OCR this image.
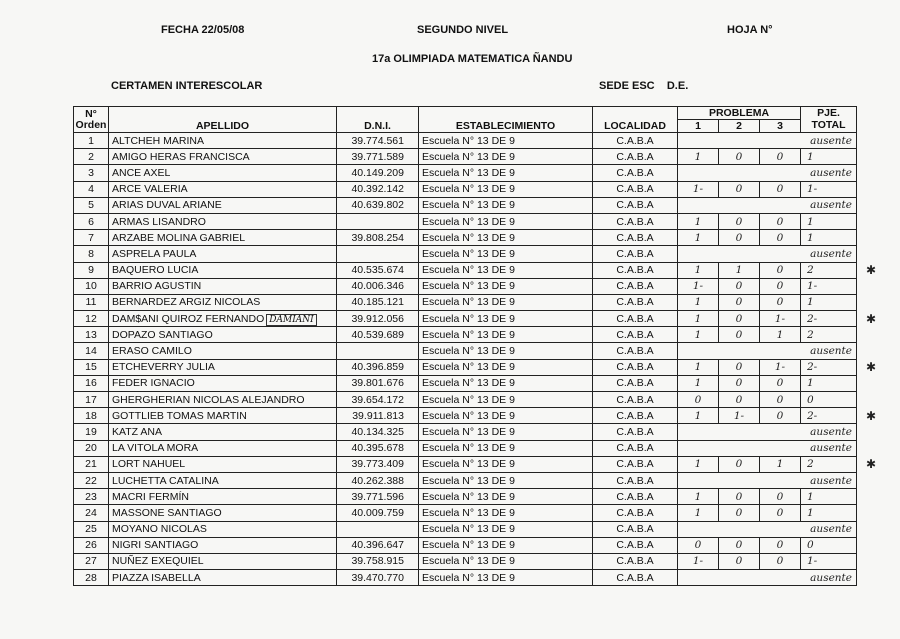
FECHA 22/05/08	SEGUNDO NIVEL	HOJA N°
17a OLIMPIADA MATEMATICA ÑANDU
CERTAMEN INTERESCOLAR	SEDE ESC    D.E.
N°
Orden	APELLIDO	D.N.I.	ESTABLECIMIENTO	LOCALIDAD	PROBLEMA			PJE.
					1	2	3	TOTAL
1	ALTCHEH MARINA	39.774.561	Escuela N° 13 DE 9	C.A.B.A	ausente			
2	AMIGO HERAS FRANCISCA	39.771.589	Escuela N° 13 DE 9	C.A.B.A	1	0	0	1
3	ANCE AXEL	40.149.209	Escuela N° 13 DE 9	C.A.B.A	ausente			
4	ARCE VALERIA	40.392.142	Escuela N° 13 DE 9	C.A.B.A	1-	0	0	1-
5	ARIAS DUVAL ARIANE	40.639.802	Escuela N° 13 DE 9	C.A.B.A	ausente			
6	ARMAS LISANDRO		Escuela N° 13 DE 9	C.A.B.A	1	0	0	1
7	ARZABE MOLINA GABRIEL	39.808.254	Escuela N° 13 DE 9	C.A.B.A	1	0	0	1
8	ASPRELA PAULA		Escuela N° 13 DE 9	C.A.B.A	ausente			
9	BAQUERO LUCIA	40.535.674	Escuela N° 13 DE 9	C.A.B.A	1	1	0	2
10	BARRIO AGUSTIN	40.006.346	Escuela N° 13 DE 9	C.A.B.A	1-	0	0	1-
11	BERNARDEZ ARGIZ NICOLAS	40.185.121	Escuela N° 13 DE 9	C.A.B.A	1	0	0	1
12	DAM$ANI QUIROZ FERNANDO DAMIANI	39.912.056	Escuela N° 13 DE 9	C.A.B.A	1	0	1-	2-
13	DOPAZO SANTIAGO	40.539.689	Escuela N° 13 DE 9	C.A.B.A	1	0	1	2
14	ERASO CAMILO		Escuela N° 13 DE 9	C.A.B.A	ausente			
15	ETCHEVERRY JULIA	40.396.859	Escuela N° 13 DE 9	C.A.B.A	1	0	1-	2-
16	FEDER IGNACIO	39.801.676	Escuela N° 13 DE 9	C.A.B.A	1	0	0	1
17	GHERGHERIAN NICOLAS ALEJANDRO	39.654.172	Escuela N° 13 DE 9	C.A.B.A	0	0	0	0
18	GOTTLIEB TOMAS MARTIN	39.911.813	Escuela N° 13 DE 9	C.A.B.A	1	1-	0	2-
19	KATZ ANA	40.134.325	Escuela N° 13 DE 9	C.A.B.A	ausente			
20	LA VITOLA MORA	40.395.678	Escuela N° 13 DE 9	C.A.B.A	ausente			
21	LORT NAHUEL	39.773.409	Escuela N° 13 DE 9	C.A.B.A	1	0	1	2
22	LUCHETTA CATALINA	40.262.388	Escuela N° 13 DE 9	C.A.B.A	ausente			
23	MACRI FERMÍN	39.771.596	Escuela N° 13 DE 9	C.A.B.A	1	0	0	1
24	MASSONE SANTIAGO	40.009.759	Escuela N° 13 DE 9	C.A.B.A	1	0	0	1
25	MOYANO NICOLAS		Escuela N° 13 DE 9	C.A.B.A	ausente			
26	NIGRI SANTIAGO	40.396.647	Escuela N° 13 DE 9	C.A.B.A	0	0	0	0
27	NUÑEZ EXEQUIEL	39.758.915	Escuela N° 13 DE 9	C.A.B.A	1-	0	0	1-
28	PIAZZA ISABELLA	39.470.770	Escuela N° 13 DE 9	C.A.B.A	ausente			
✱
✱
✱
✱
✱
